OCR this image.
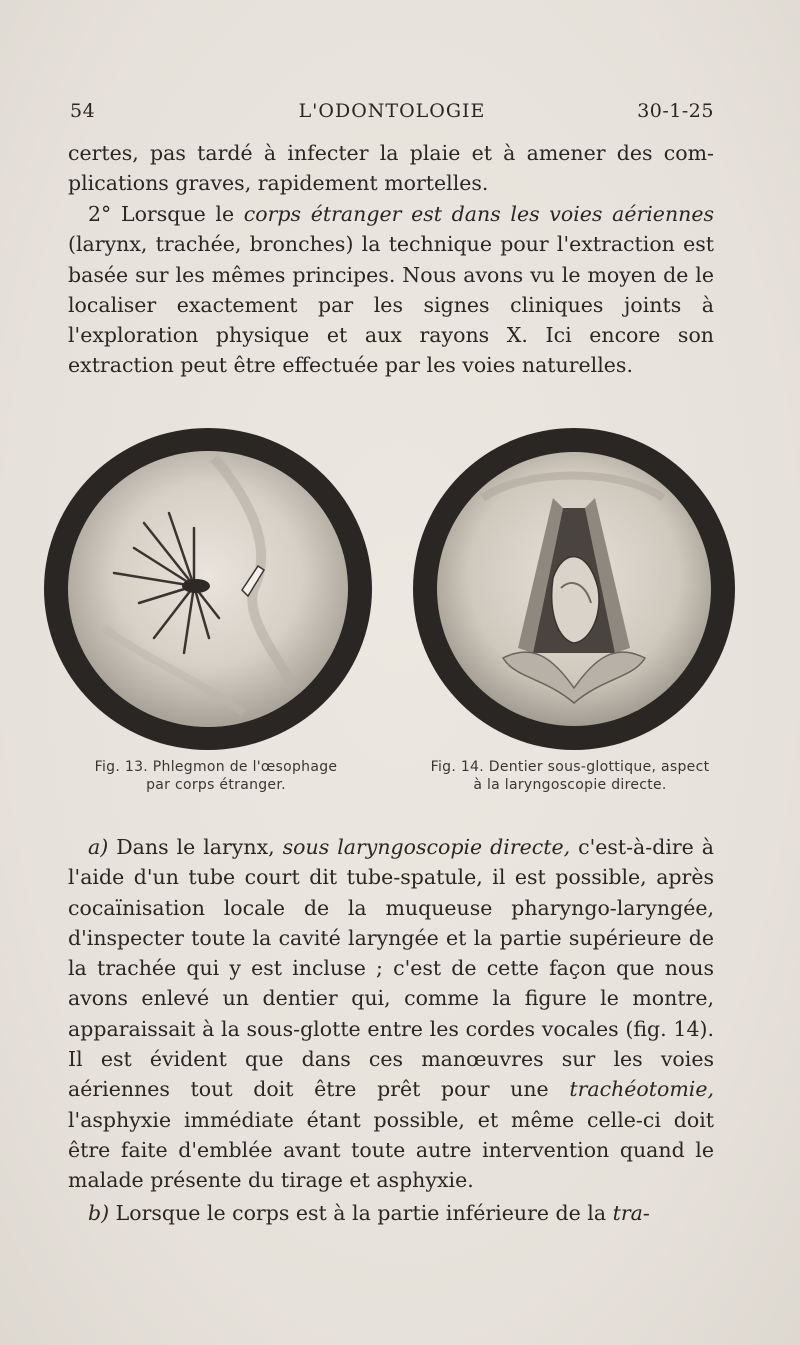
54	L'ODONTOLOGIE	30-1-25

certes, pas tardé à infecter la plaie et à amener des com-
plications graves, rapidement mortelles.

2° Lorsque le corps étranger est dans les voies aériennes (larynx, trachée, bronches) la technique pour l'extraction est basée sur les mêmes principes. Nous avons vu le moyen de le localiser exactement par les signes cliniques joints à l'exploration physique et aux rayons X. Ici encore son extraction peut être effectuée par les voies naturelles.

Fig. 13. Phlegmon de l'œsophage
par corps étranger.
Fig. 14. Dentier sous-glottique, aspect
à la laryngoscopie directe.

a) Dans le larynx, sous laryngoscopie directe, c'est-à-dire à l'aide d'un tube court dit tube-spatule, il est possible, après cocaïnisation locale de la muqueuse pharyngo-laryngée, d'inspecter toute la cavité laryngée et la partie supérieure de la trachée qui y est incluse ; c'est de cette façon que nous avons enlevé un dentier qui, comme la figure le montre, apparaissait à la sous-glotte entre les cordes vocales (fig. 14). Il est évident que dans ces manœuvres sur les voies aériennes tout doit être prêt pour une trachéotomie, l'asphyxie immédiate étant possible, et même celle-ci doit être faite d'emblée avant toute autre intervention quand le malade présente du tirage et asphyxie.

b) Lorsque le corps est à la partie inférieure de la tra-
